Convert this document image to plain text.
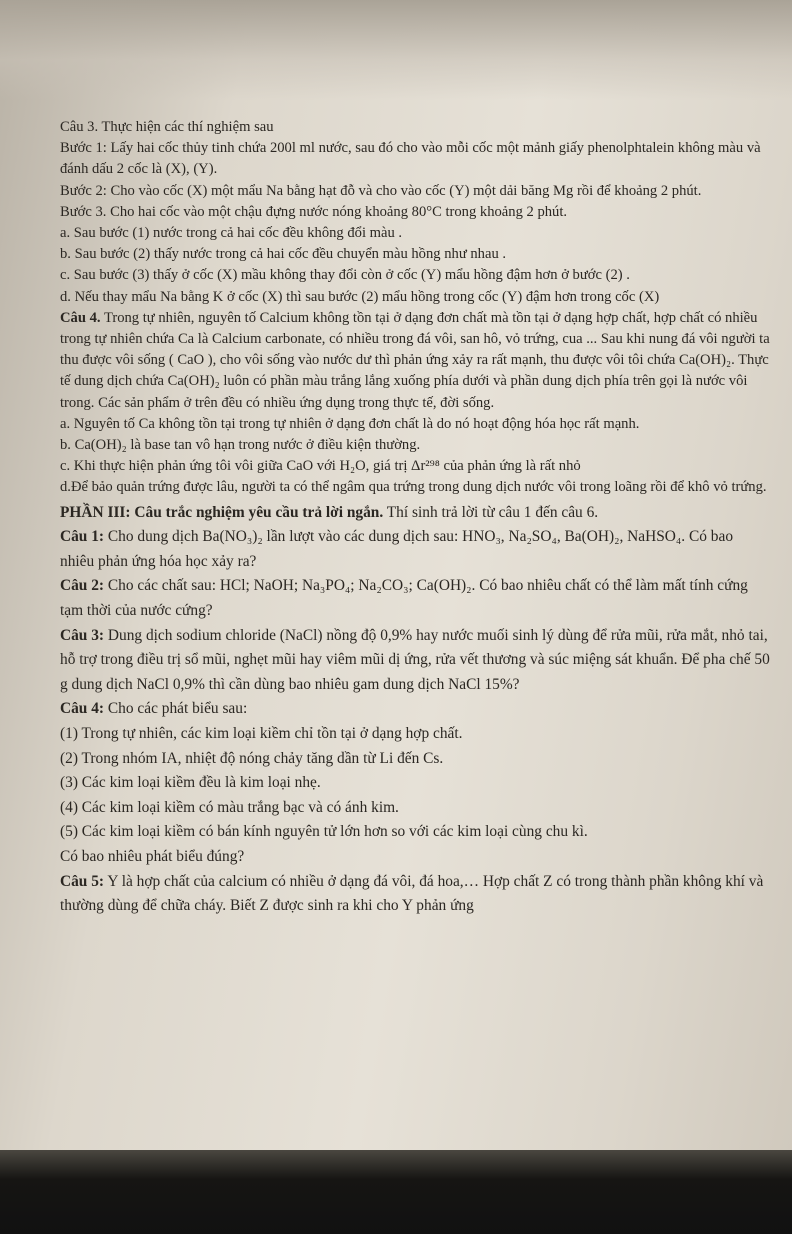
Câu 3. Thực hiện các thí nghiệm sau

Bước 1: Lấy hai cốc thủy tinh chứa 200l ml nước, sau đó cho vào mỗi cốc một mảnh giấy phenolphtalein không màu và đánh dấu 2 cốc là (X), (Y).

Bước 2: Cho vào cốc (X) một mẩu Na bằng hạt đỗ và cho vào cốc (Y) một dải băng Mg rồi để khoảng 2 phút.

Bước 3. Cho hai cốc vào một chậu đựng nước nóng khoảng 80°C trong khoảng 2 phút.

a. Sau bước (1) nước trong cả hai cốc đều không đổi màu .

b. Sau bước (2) thấy nước trong cả hai cốc đều chuyển màu hồng như nhau .

c. Sau bước (3) thấy ở cốc (X) mầu không thay đổi còn ở cốc (Y) mẩu hồng đậm hơn ở bước (2) .

d. Nếu thay mẩu Na bằng K ở cốc (X) thì sau bước (2) mẩu hồng trong cốc (Y) đậm hơn trong cốc (X)

Câu 4. Trong tự nhiên, nguyên tố Calcium không tồn tại ở dạng đơn chất mà tồn tại ở dạng hợp chất, hợp chất có nhiều trong tự nhiên chứa Ca là Calcium carbonate, có nhiều trong đá vôi, san hô, vỏ trứng, cua ... Sau khi nung đá vôi người ta thu được vôi sống ( CaO ), cho vôi sống vào nước dư thì phản ứng xảy ra rất mạnh, thu được vôi tôi chứa Ca(OH)₂. Thực tế dung dịch chứa Ca(OH)₂ luôn có phần màu trắng lắng xuống phía dưới và phần dung dịch phía trên gọi là nước vôi trong. Các sản phẩm ở trên đều có nhiều ứng dụng trong thực tế, đời sống.

a. Nguyên tố Ca không tồn tại trong tự nhiên ở dạng đơn chất là do nó hoạt động hóa học rất mạnh.

b. Ca(OH)₂ là base tan vô hạn trong nước ở điều kiện thường.

c. Khi thực hiện phản ứng tôi vôi giữa CaO với H₂O, giá trị Δr²⁹⁸ của phản ứng là rất nhỏ

d.Để bảo quản trứng được lâu, người ta có thể ngâm qua trứng trong dung dịch nước vôi trong loãng rồi để khô vỏ trứng.

PHẦN III: Câu trắc nghiệm yêu cầu trả lời ngắn. Thí sinh trả lời từ câu 1 đến câu 6.

Câu 1: Cho dung dịch Ba(NO₃)₂ lần lượt vào các dung dịch sau: HNO₃, Na₂SO₄, Ba(OH)₂, NaHSO₄. Có bao nhiêu phản ứng hóa học xảy ra?

Câu 2: Cho các chất sau: HCl; NaOH; Na₃PO₄; Na₂CO₃; Ca(OH)₂. Có bao nhiêu chất có thể làm mất tính cứng tạm thời của nước cứng?

Câu 3: Dung dịch sodium chloride (NaCl) nồng độ 0,9% hay nước muối sinh lý dùng để rửa mũi, rửa mắt, nhỏ tai, hỗ trợ trong điều trị sổ mũi, nghẹt mũi hay viêm mũi dị ứng, rửa vết thương và súc miệng sát khuẩn. Để pha chế 50 g dung dịch NaCl 0,9% thì cần dùng bao nhiêu gam dung dịch NaCl 15%?

Câu 4: Cho các phát biểu sau:

(1) Trong tự nhiên, các kim loại kiềm chỉ tồn tại ở dạng hợp chất.

(2) Trong nhóm IA, nhiệt độ nóng chảy tăng dần từ Li đến Cs.

(3) Các kim loại kiềm đều là kim loại nhẹ.

(4) Các kim loại kiềm có màu trắng bạc và có ánh kim.

(5) Các kim loại kiềm có bán kính nguyên tử lớn hơn so với các kim loại cùng chu kì.

Có bao nhiêu phát biểu đúng?

Câu 5: Y là hợp chất của calcium có nhiều ở dạng đá vôi, đá hoa,… Hợp chất Z có trong thành phần không khí và thường dùng để chữa cháy. Biết Z được sinh ra khi cho Y phản ứng
